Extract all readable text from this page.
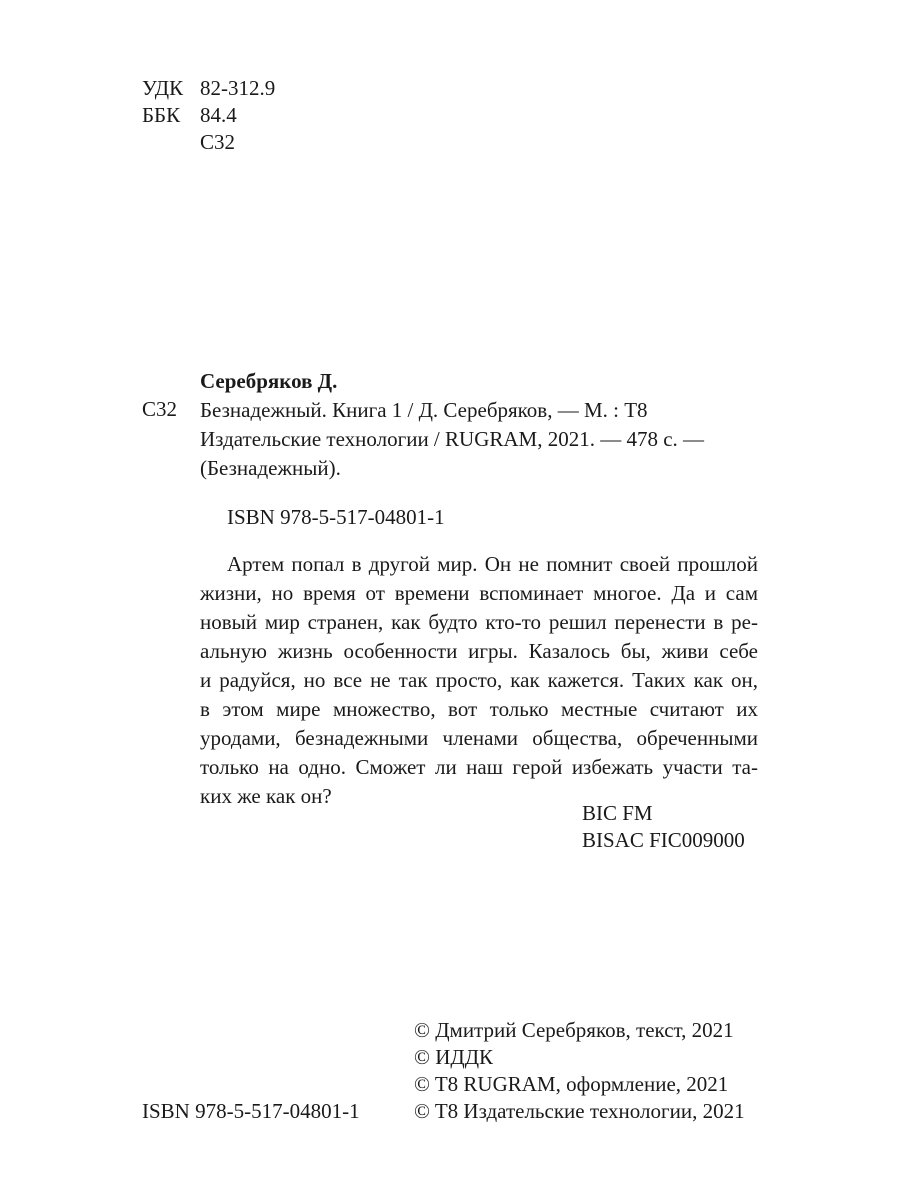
УДК 82-312.9
ББК 84.4
С32
Серебряков Д.
С32 Безнадежный. Книга 1 / Д. Серебряков, — М. : T8
Издательские технологии / RUGRAM, 2021. — 478 с. —
(Безнадежный).
ISBN 978-5-517-04801-1
Артем попал в другой мир. Он не помнит своей прошлой
жизни, но время от времени вспоминает многое. Да и сам
новый мир странен, как будто кто-то решил перенести в ре-
альную жизнь особенности игры. Казалось бы, живи себе
и радуйся, но все не так просто, как кажется. Таких как он,
в этом мире множество, вот только местные считают их
уродами, безнадежными членами общества, обреченными
только на одно. Сможет ли наш герой избежать участи та-
ких же как он?
BIC FM
BISAC FIC009000
© Дмитрий Серебряков, текст, 2021
© ИДДК
© T8 RUGRAM, оформление, 2021
© T8 Издательские технологии, 2021
ISBN 978-5-517-04801-1
